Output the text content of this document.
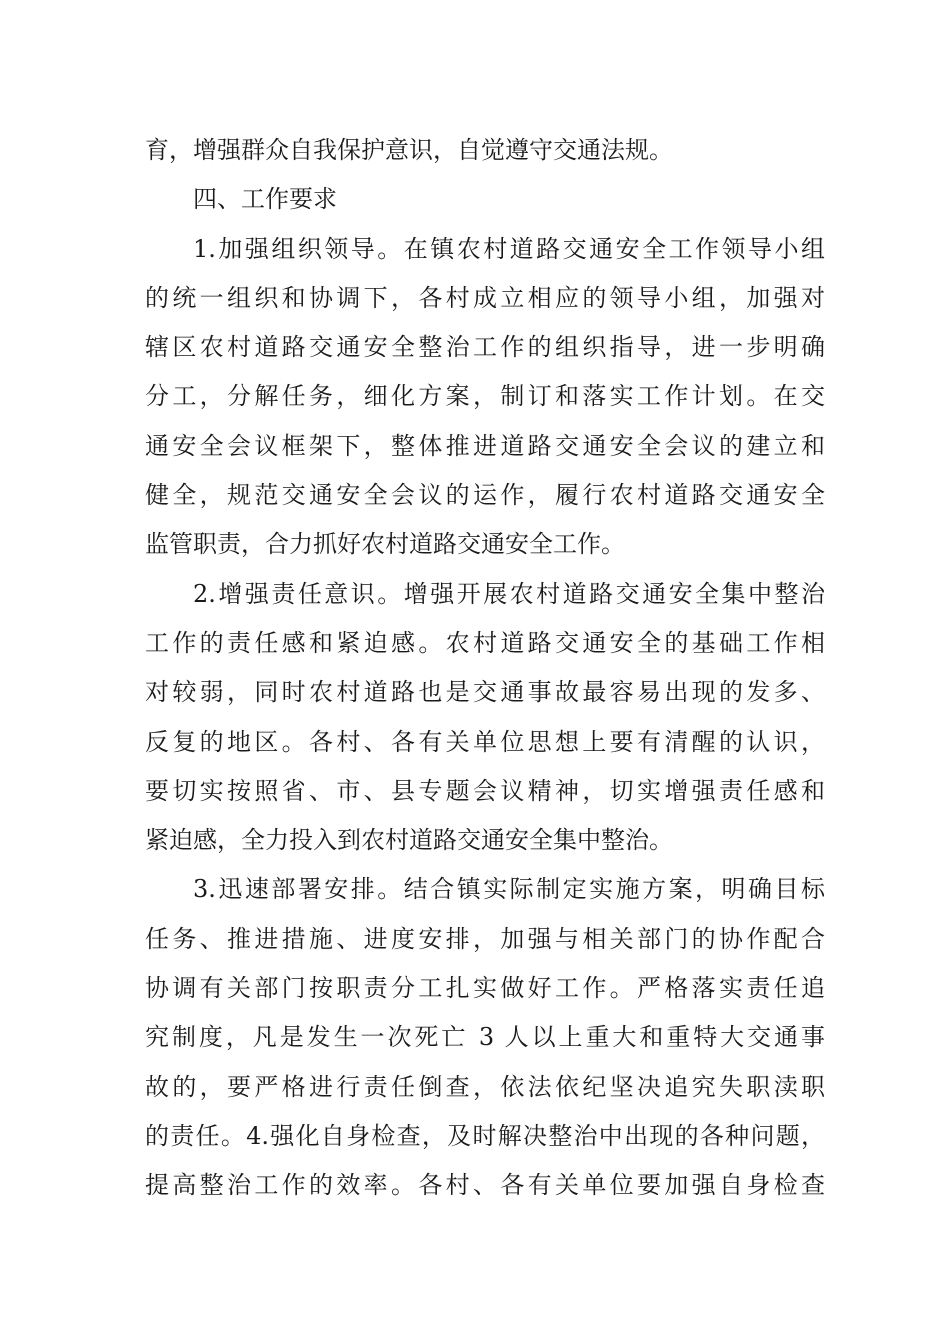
育，增强群众自我保护意识，自觉遵守交通法规。
四、工作要求
1.加强组织领导。在镇农村道路交通安全工作领导小组
的统一组织和协调下，各村成立相应的领导小组，加强对
辖区农村道路交通安全整治工作的组织指导，进一步明确
分工，分解任务，细化方案，制订和落实工作计划。在交
通安全会议框架下，整体推进道路交通安全会议的建立和
健全，规范交通安全会议的运作，履行农村道路交通安全
监管职责，合力抓好农村道路交通安全工作。
2.增强责任意识。增强开展农村道路交通安全集中整治
工作的责任感和紧迫感。农村道路交通安全的基础工作相
对较弱，同时农村道路也是交通事故最容易出现的发多、
反复的地区。各村、各有关单位思想上要有清醒的认识，
要切实按照省、市、县专题会议精神，切实增强责任感和
紧迫感，全力投入到农村道路交通安全集中整治。
3.迅速部署安排。结合镇实际制定实施方案，明确目标
任务、推进措施、进度安排，加强与相关部门的协作配合
协调有关部门按职责分工扎实做好工作。严格落实责任追
究制度，凡是发生一次死亡 3 人以上重大和重特大交通事
故的，要严格进行责任倒查，依法依纪坚决追究失职渎职
的责任。4.强化自身检查，及时解决整治中出现的各种问题，
提高整治工作的效率。各村、各有关单位要加强自身检查
